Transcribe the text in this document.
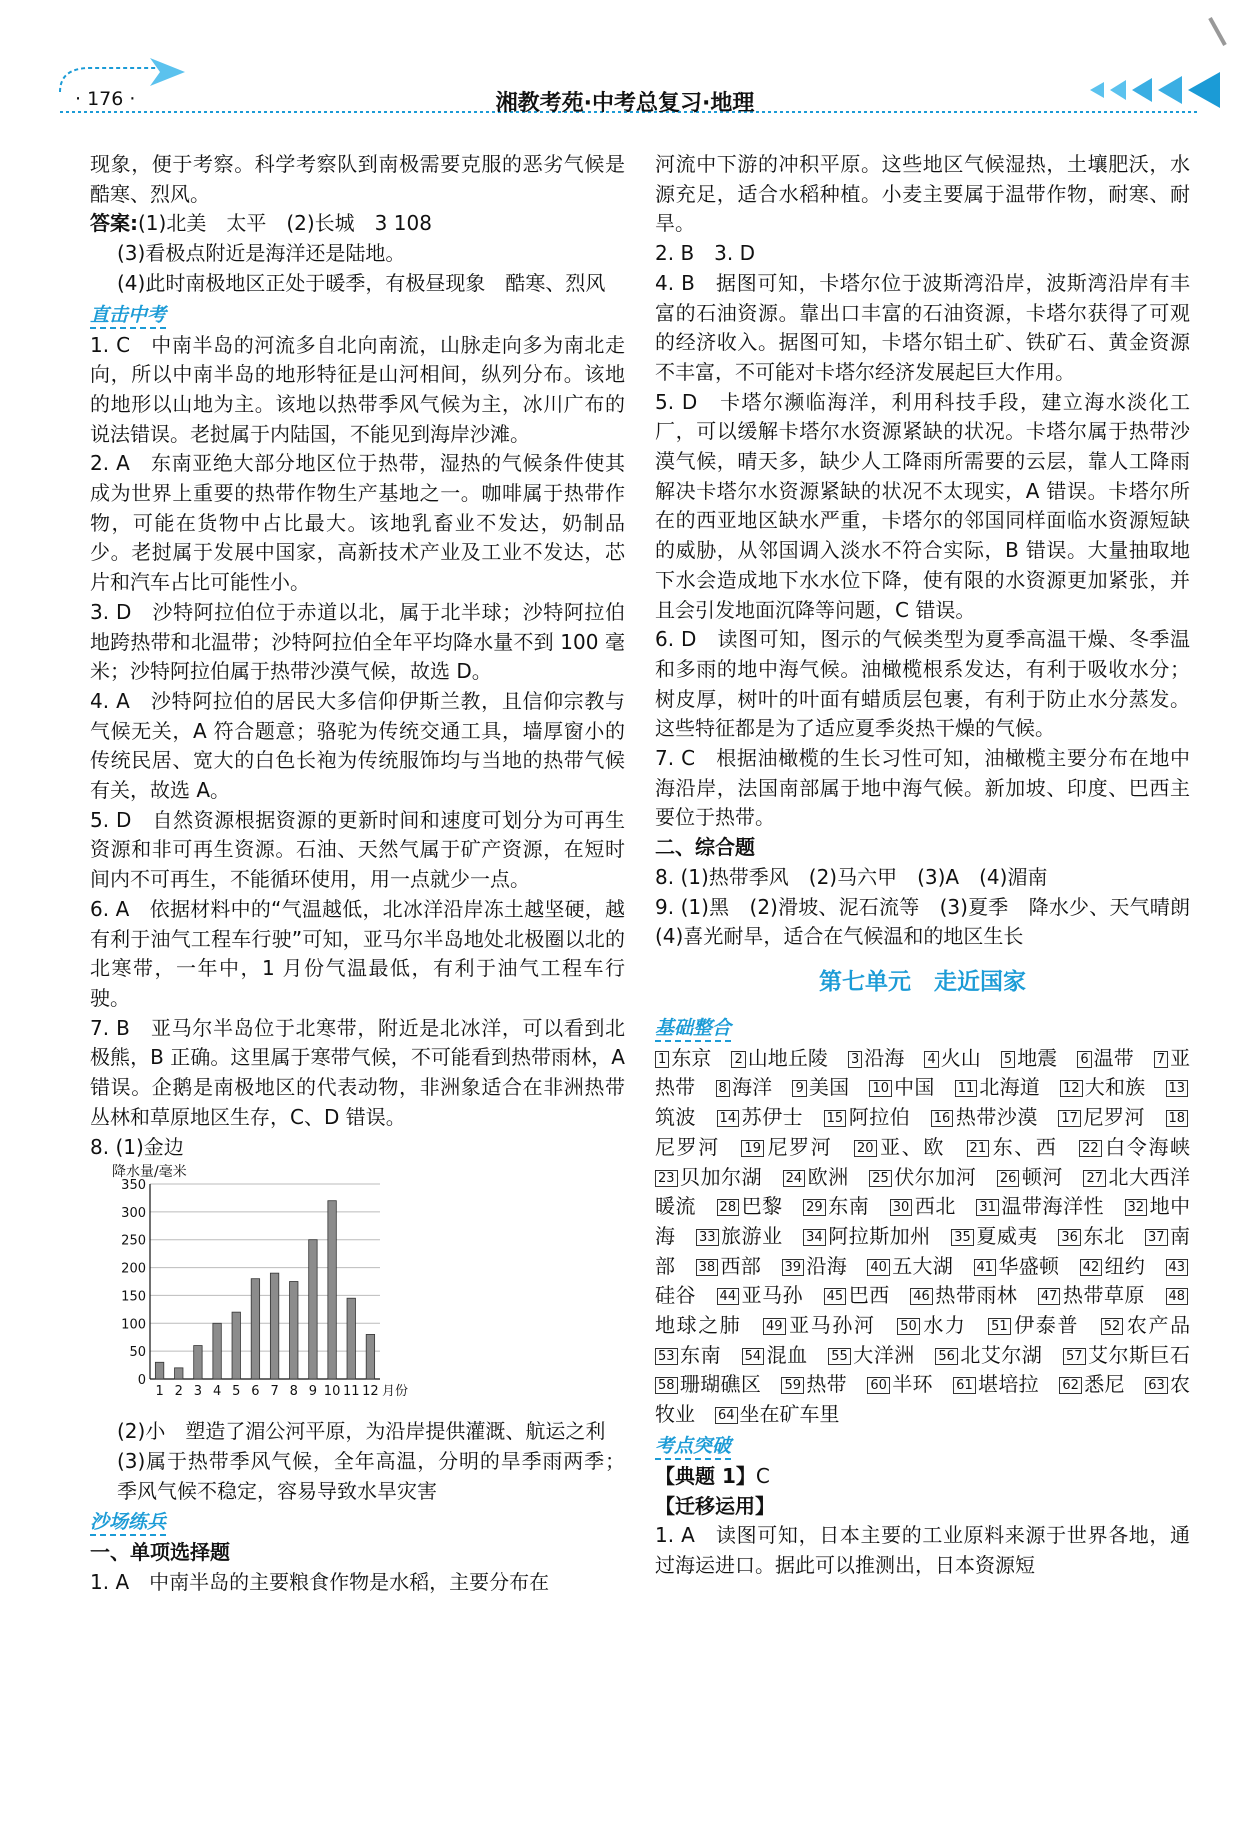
· 176 ·	湘教考苑·中考总复习·地理

现象，便于考察。科学考察队到南极需要克服的恶劣气候是酷寒、烈风。

答案:(1)北美　太平　(2)长城　3 108

(3)看极点附近是海洋还是陆地。

(4)此时南极地区正处于暖季，有极昼现象　酷寒、烈风

直击中考

1. C　中南半岛的河流多自北向南流，山脉走向多为南北走向，所以中南半岛的地形特征是山河相间，纵列分布。该地的地形以山地为主。该地以热带季风气候为主，冰川广布的说法错误。老挝属于内陆国，不能见到海岸沙滩。

2. A　东南亚绝大部分地区位于热带，湿热的气候条件使其成为世界上重要的热带作物生产基地之一。咖啡属于热带作物，可能在货物中占比最大。该地乳畜业不发达，奶制品少。老挝属于发展中国家，高新技术产业及工业不发达，芯片和汽车占比可能性小。

3. D　沙特阿拉伯位于赤道以北，属于北半球；沙特阿拉伯地跨热带和北温带；沙特阿拉伯全年平均降水量不到 100 毫米；沙特阿拉伯属于热带沙漠气候，故选 D。

4. A　沙特阿拉伯的居民大多信仰伊斯兰教，且信仰宗教与气候无关，A 符合题意；骆驼为传统交通工具，墙厚窗小的传统民居、宽大的白色长袍为传统服饰均与当地的热带气候有关，故选 A。

5. D　自然资源根据资源的更新时间和速度可划分为可再生资源和非可再生资源。石油、天然气属于矿产资源，在短时间内不可再生，不能循环使用，用一点就少一点。

6. A　依据材料中的“气温越低，北冰洋沿岸冻土越坚硬，越有利于油气工程车行驶”可知，亚马尔半岛地处北极圈以北的北寒带，一年中，1 月份气温最低，有利于油气工程车行驶。

7. B　亚马尔半岛位于北寒带，附近是北冰洋，可以看到北极熊，B 正确。这里属于寒带气候，不可能看到热带雨林，A 错误。企鹅是南极地区的代表动物，非洲象适合在非洲热带丛林和草原地区生存，C、D 错误。

8. (1)金边

降水量/毫米
0
50
100
150
200
250
300
350
1 2 3 4 5 6 7 8 9 10 11 12 月份

(2)小　塑造了湄公河平原，为沿岸提供灌溉、航运之利

(3)属于热带季风气候，全年高温，分明的旱季雨两季；季风气候不稳定，容易导致水旱灾害

沙场练兵

一、单项选择题

1. A　中南半岛的主要粮食作物是水稻，主要分布在

河流中下游的冲积平原。这些地区气候湿热，土壤肥沃，水源充足，适合水稻种植。小麦主要属于温带作物，耐寒、耐旱。

2. B　3. D

4. B　据图可知，卡塔尔位于波斯湾沿岸，波斯湾沿岸有丰富的石油资源。靠出口丰富的石油资源，卡塔尔获得了可观的经济收入。据图可知，卡塔尔铝土矿、铁矿石、黄金资源不丰富，不可能对卡塔尔经济发展起巨大作用。

5. D　卡塔尔濒临海洋，利用科技手段，建立海水淡化工厂，可以缓解卡塔尔水资源紧缺的状况。卡塔尔属于热带沙漠气候，晴天多，缺少人工降雨所需要的云层，靠人工降雨解决卡塔尔水资源紧缺的状况不太现实，A 错误。卡塔尔所在的西亚地区缺水严重，卡塔尔的邻国同样面临水资源短缺的威胁，从邻国调入淡水不符合实际，B 错误。大量抽取地下水会造成地下水水位下降，使有限的水资源更加紧张，并且会引发地面沉降等问题，C 错误。

6. D　读图可知，图示的气候类型为夏季高温干燥、冬季温和多雨的地中海气候。油橄榄根系发达，有利于吸收水分；树皮厚，树叶的叶面有蜡质层包裹，有利于防止水分蒸发。这些特征都是为了适应夏季炎热干燥的气候。

7. C　根据油橄榄的生长习性可知，油橄榄主要分布在地中海沿岸，法国南部属于地中海气候。新加坡、印度、巴西主要位于热带。

二、综合题

8. (1)热带季风　(2)马六甲　(3)A　(4)湄南

9. (1)黑　(2)滑坡、泥石流等　(3)夏季　降水少、天气晴朗　(4)喜光耐旱，适合在气候温和的地区生长

第七单元　走近国家
基础整合

1 东京　 2 山地丘陵　 3 沿海　 4 火山　 5 地震　 6 温带　 7 亚热带　 8 海洋　 9 美国　 10 中国　 11 北海道　 12 大和族　 13筑波　 14 苏伊士　 15 阿拉伯　 16 热带沙漠　 17 尼罗河　 18尼罗河　 19 尼罗河　 20 亚、欧　 21 东、西　 22 白令海峡　23 贝加尔湖　 24 欧洲　 25 伏尔加河　 26 顿河　 27 北大西洋暖流　 28 巴黎　 29 东南　 30 西北　 31 温带海洋性　 32 地中海　 33 旅游业　 34 阿拉斯加州　 35 夏威夷　 36 东北　 37 南部　 38 西部　 39 沿海　 40 五大湖　 41 华盛顿　 42 纽约　 43硅谷　 44 亚马孙　 45 巴西　 46 热带雨林　 47 热带草原　 48地球之肺　 49 亚马孙河　 50 水力　 51 伊泰普　 52 农产品　53 东南　 54 混血　 55 大洋洲　 56 北艾尔湖　 57 艾尔斯巨石　58 珊瑚礁区　 59 热带　 60 半环　 61 堪培拉　 62 悉尼　 63 农牧业　 64 坐在矿车里　

考点突破

【典题 1】C

【迁移运用】

1. A　读图可知，日本主要的工业原料来源于世界各地，通过海运进口。据此可以推测出，日本资源短
